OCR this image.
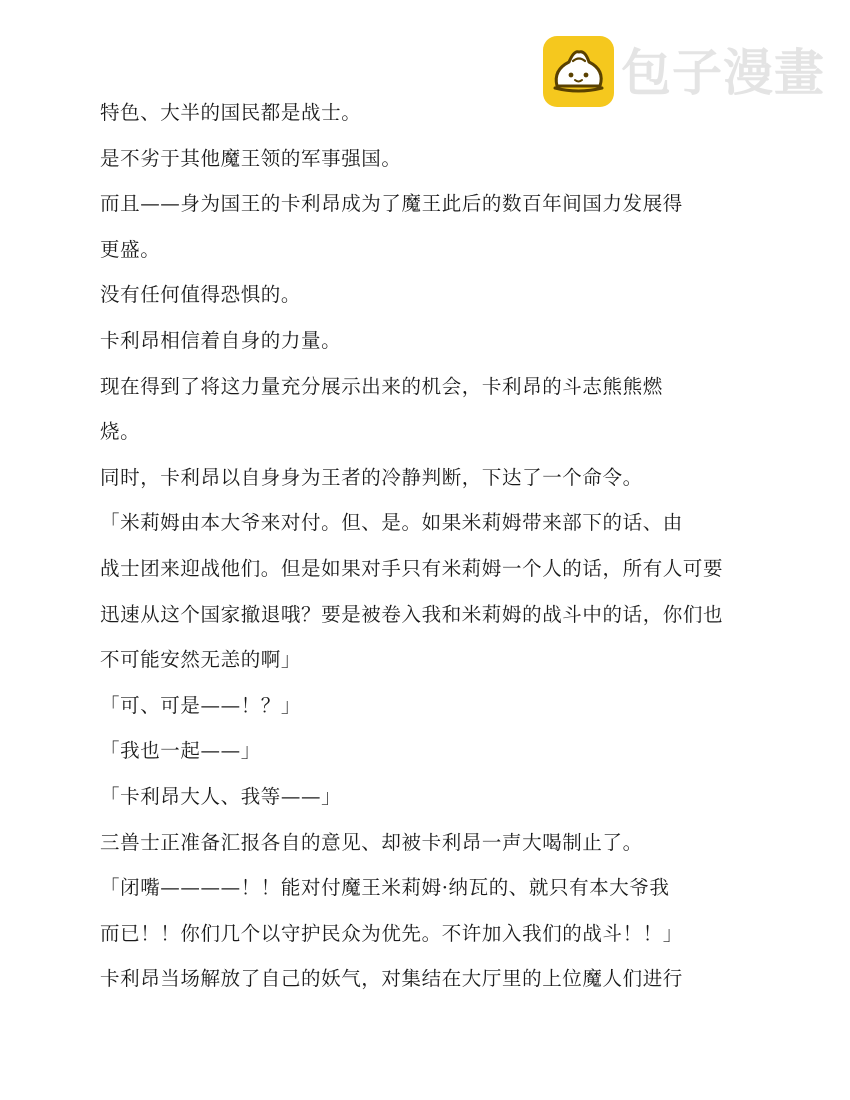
包子漫畫
特色、大半的国民都是战士。
是不劣于其他魔王领的军事强国。
而且——身为国王的卡利昂成为了魔王此后的数百年间国力发展得
更盛。
没有任何值得恐惧的。
卡利昂相信着自身的力量。
现在得到了将这力量充分展示出来的机会，卡利昂的斗志熊熊燃
烧。
同时，卡利昂以自身身为王者的冷静判断，下达了一个命令。
「米莉姆由本大爷来对付。但、是。如果米莉姆带来部下的话、由
战士团来迎战他们。但是如果对手只有米莉姆一个人的话，所有人可要
迅速从这个国家撤退哦？要是被卷入我和米莉姆的战斗中的话，你们也
不可能安然无恙的啊」
「可、可是——！？」
「我也一起——」
「卡利昂大人、我等——」
三兽士正准备汇报各自的意见、却被卡利昂一声大喝制止了。
「闭嘴————！！能对付魔王米莉姆·纳瓦的、就只有本大爷我
而已！！你们几个以守护民众为优先。不许加入我们的战斗！！」
卡利昂当场解放了自己的妖气，对集结在大厅里的上位魔人们进行
